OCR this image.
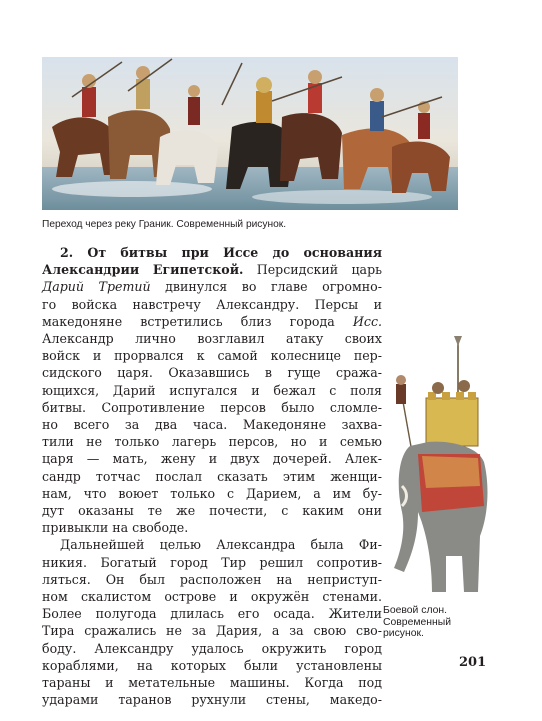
Переход через реку Граник. Современный рисунок.
2. От битвы при Иссе до основания
Александрии Египетской. Персидский царь
Дарий Третий двинулся во главе огромно-
го войска навстречу Александру. Персы и
македоняне встретились близ города Исс.
Александр лично возглавил атаку своих
войск и прорвался к самой колеснице пер-
сидского царя. Оказавшись в гуще сража-
ющихся, Дарий испугался и бежал с поля
битвы. Сопротивление персов было сломле-
но всего за два часа. Македоняне захва-
тили не только лагерь персов, но и семью
царя — мать, жену и двух дочерей. Алек-
сандр тотчас послал сказать этим женщи-
нам, что воюет только с Дарием, а им бу-
дут оказаны те же почести, с каким они
привыкли на свободе.
Дальнейшей целью Александра была Фи-
никия. Богатый город Тир решил сопротив-
ляться. Он был расположен на неприступ-
ном скалистом острове и окружён стенами.
Более полугода длилась его осада. Жители
Тира сражались не за Дария, а за свою сво-
боду. Александру удалось окружить город
кораблями, на которых были установлены
тараны и метательные машины. Когда под
ударами таранов рухнули стены, македо-
Боевой слон.
Современный
рисунок.
201
